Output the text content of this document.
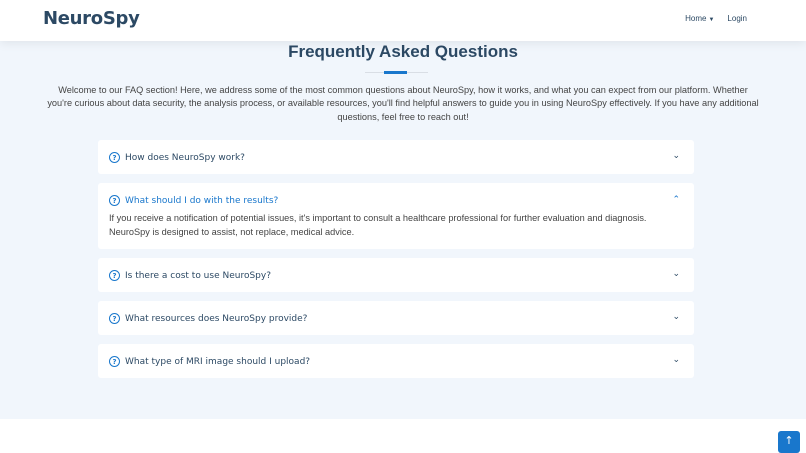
NeuroSpy	Home ▼ Login
Frequently Asked Questions
Welcome to our FAQ section! Here, we address some of the most common questions about NeuroSpy, how it works, and what you can expect from our platform. Whether you're curious about data security, the analysis process, or available resources, you'll find helpful answers to guide you in using NeuroSpy effectively. If you have any additional questions, feel free to reach out!
? How does NeuroSpy work?	⌄
? What should I do with the results?	⌃
If you receive a notification of potential issues, it's important to consult a healthcare professional for further evaluation and diagnosis. NeuroSpy is designed to assist, not replace, medical advice.
? Is there a cost to use NeuroSpy?	⌄
? What resources does NeuroSpy provide?	⌄
? What type of MRI image should I upload?	⌄
↑
